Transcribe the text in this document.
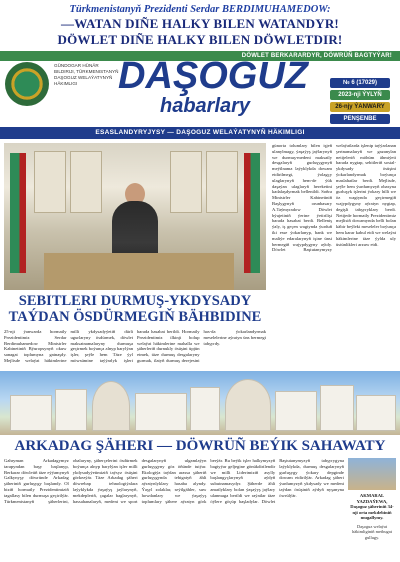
Türkmenistanyň Prezidenti Serdar BERDIMUHAMEDOW:
—WATAN DIÑE HALKY BILEN WATANDYR!
DÖWLET DIÑE HALKY BILEN DÖWLETDIR!
DÖWLET BERKARARDYR, DÖWRÜÑ BAGTYÝAR!
GÜNDOGAR HÜNÄR BILDIRIJI, TÜRKMENISTANYŇ DAŞOGUZ WELAÝATYNYŇ HÄKIMLIGI	DAŞOGUZ
habarlary
№ 6 (17029)
2023-nji ÝYLYŇ
26-njy ÝANWARY
PENŞENBE
ESASLANDYRYJYSY — DAŞOGUZ WELAÝATYNYŇ HÄKIMLIGI
SEBITLERI DURMUŞ-YKDYSADY TAÝDAN ÖSDÜRMEGIŇ BÄHBIDINE
25-nji ýanwarda hormatly Prezidentimiz Serdar Berdimuhamedow Ministrler Kabinetiniň Býuropsynyň okuw sanagat toplumyna gatnaşdy. Mejlisde welaýat häkimlerine milli ykdysadyýetiň dürli ugurlaryny ösdürmek, döwlet maksatnamalaryny durmuşa geçirmek boýunça alnyp barylýan işler, şeýle hem Täze ýyl möwsümine taýýarlyk işleri barada hasabat berildi. Hormatly Prezidentimiz ilkinji bolup welaýat häkimlerine mahalla we şäherleriň durnukly ösüşini üpjün etmek, täze durmuş desgalaryny gurmak, ilatyň durmuş derejesini has-da ýokarlandyrmak meselelerine aýratyn üns bermegi tabşyrdy.
günorta tolumlary bilen işjeň ulanylmagy, ýaşaýyş jaýlarynyň we durmuş-medeni maksatly desgalaryň gurluşygynyň meýilnama laýyklykda dowam etdirilmegi, ýolagçy ulaglarynyň hem-de ýük daşaýan ulaglaryň hereketini kadalaşdyrmak bellenildi. Soňra Ministrler Kabinetiniň Başlygynyň orunbasary A.Taýmyradow Döwlet býujetiniň ýerine ýetirilişi barada hasabat berdi. Belleniş ýaly, iş geçen wagtynda ýurduň iki esse ýokarlanyp, bank we maliýe edaralarynyň işine ünsi bermegiň wajypdygyny aýtdy. Döwlet Baştutanymyzy welaýatlarda işlenip taýýarlanan şertnamalaryň we gazanylan netijeleriň möhüm ähmiýeti barada nygtap, sebitleriň sosial-ykdysady ösüşini ýokarlandyrmak boýunça maslahatlar berdi. Mejlisde, şeýle hem ýurdumyzyň obasyna gurluşyk işlerini ýokary hilli we öz wagtynda geçirmegiň wajypdygyny aýratyn nygtap, degişli tabşyryklary berdi. Netijede hormatly Prezidentimiz mejlisiň dowamynda belli bolan käbir beýleki meseleler boýunça hem karar kabul etdi we welaýat häkimlerine täze ýylda uly üstünlikleri arzuw etdi.
ARKADAG ŞÄHERI — DÖWRÜÑ BEÝIK SAHAWATY
Gahryman Arkadagymyz tarapyndan başy başlanyp, Berkarar döwletiň täze eýýamynyň Galkynyşy döwründe Arkadag şäheriniň gurluşygy başlandy. Ol biziň hormatly Prezidentimiziň tagallasy bilen durmuşa geçirilýär. Türkmenistanyň şäherlerini, obalaryny, şäherçelerini ösdürmek boýunça alnyp barylýan işler milli ykdysadyýetimiziň taýsyz ösüşini görkezýär. Täze Arkadag şäheri döwrebap tehnologiýalara laýyklykda ýaşaýyş jaýlarynyň, mekdepleriň, çagalar baglarynyň, hassahanalaryň, medeni we sport desgalarynyň ulgamlaýyn gurluşygyny göz öňünde tutýar. Ekologiýa taýdan arassa şäheriň gurluşygynda tebigatyň ähli aýratynlyklary hasaba alyndy. Ýaşyl zolaklar, seýilgähler, suw howdanlary we ýaşaýyş toplumlary şähere aýratyn görk berýär. Bu beýik işler halkymyzyň bagtyýar geljegine gönükdirilendir we milli Liderimiziň asylly başlangyçlarynyň aýdyň subutnamasydyr. Şäherde ähli amatlyklary bolan ýaşaýyş jaýlary ulanmaga berildi we raýatlar täze öýlere göçüp başladylar. Döwlet Baştutanymyzyň tabşyrygyna laýyklykda, durmuş desgalarynyň gurluşygy ýokary depginde dowam etdirilýär. Arkadag şäheri ýurdumyzyň ykdysady we medeni taýdan ösüşiniň aýdyň nyşanyna öwrülýär.	AKMARAL YAZDAÝEWA, Daşoguz şäheriniň 34-nji orta mekdebiniň mugallymy.
Daşoguz welaýat häkimliginiň metbugat gullugy.
